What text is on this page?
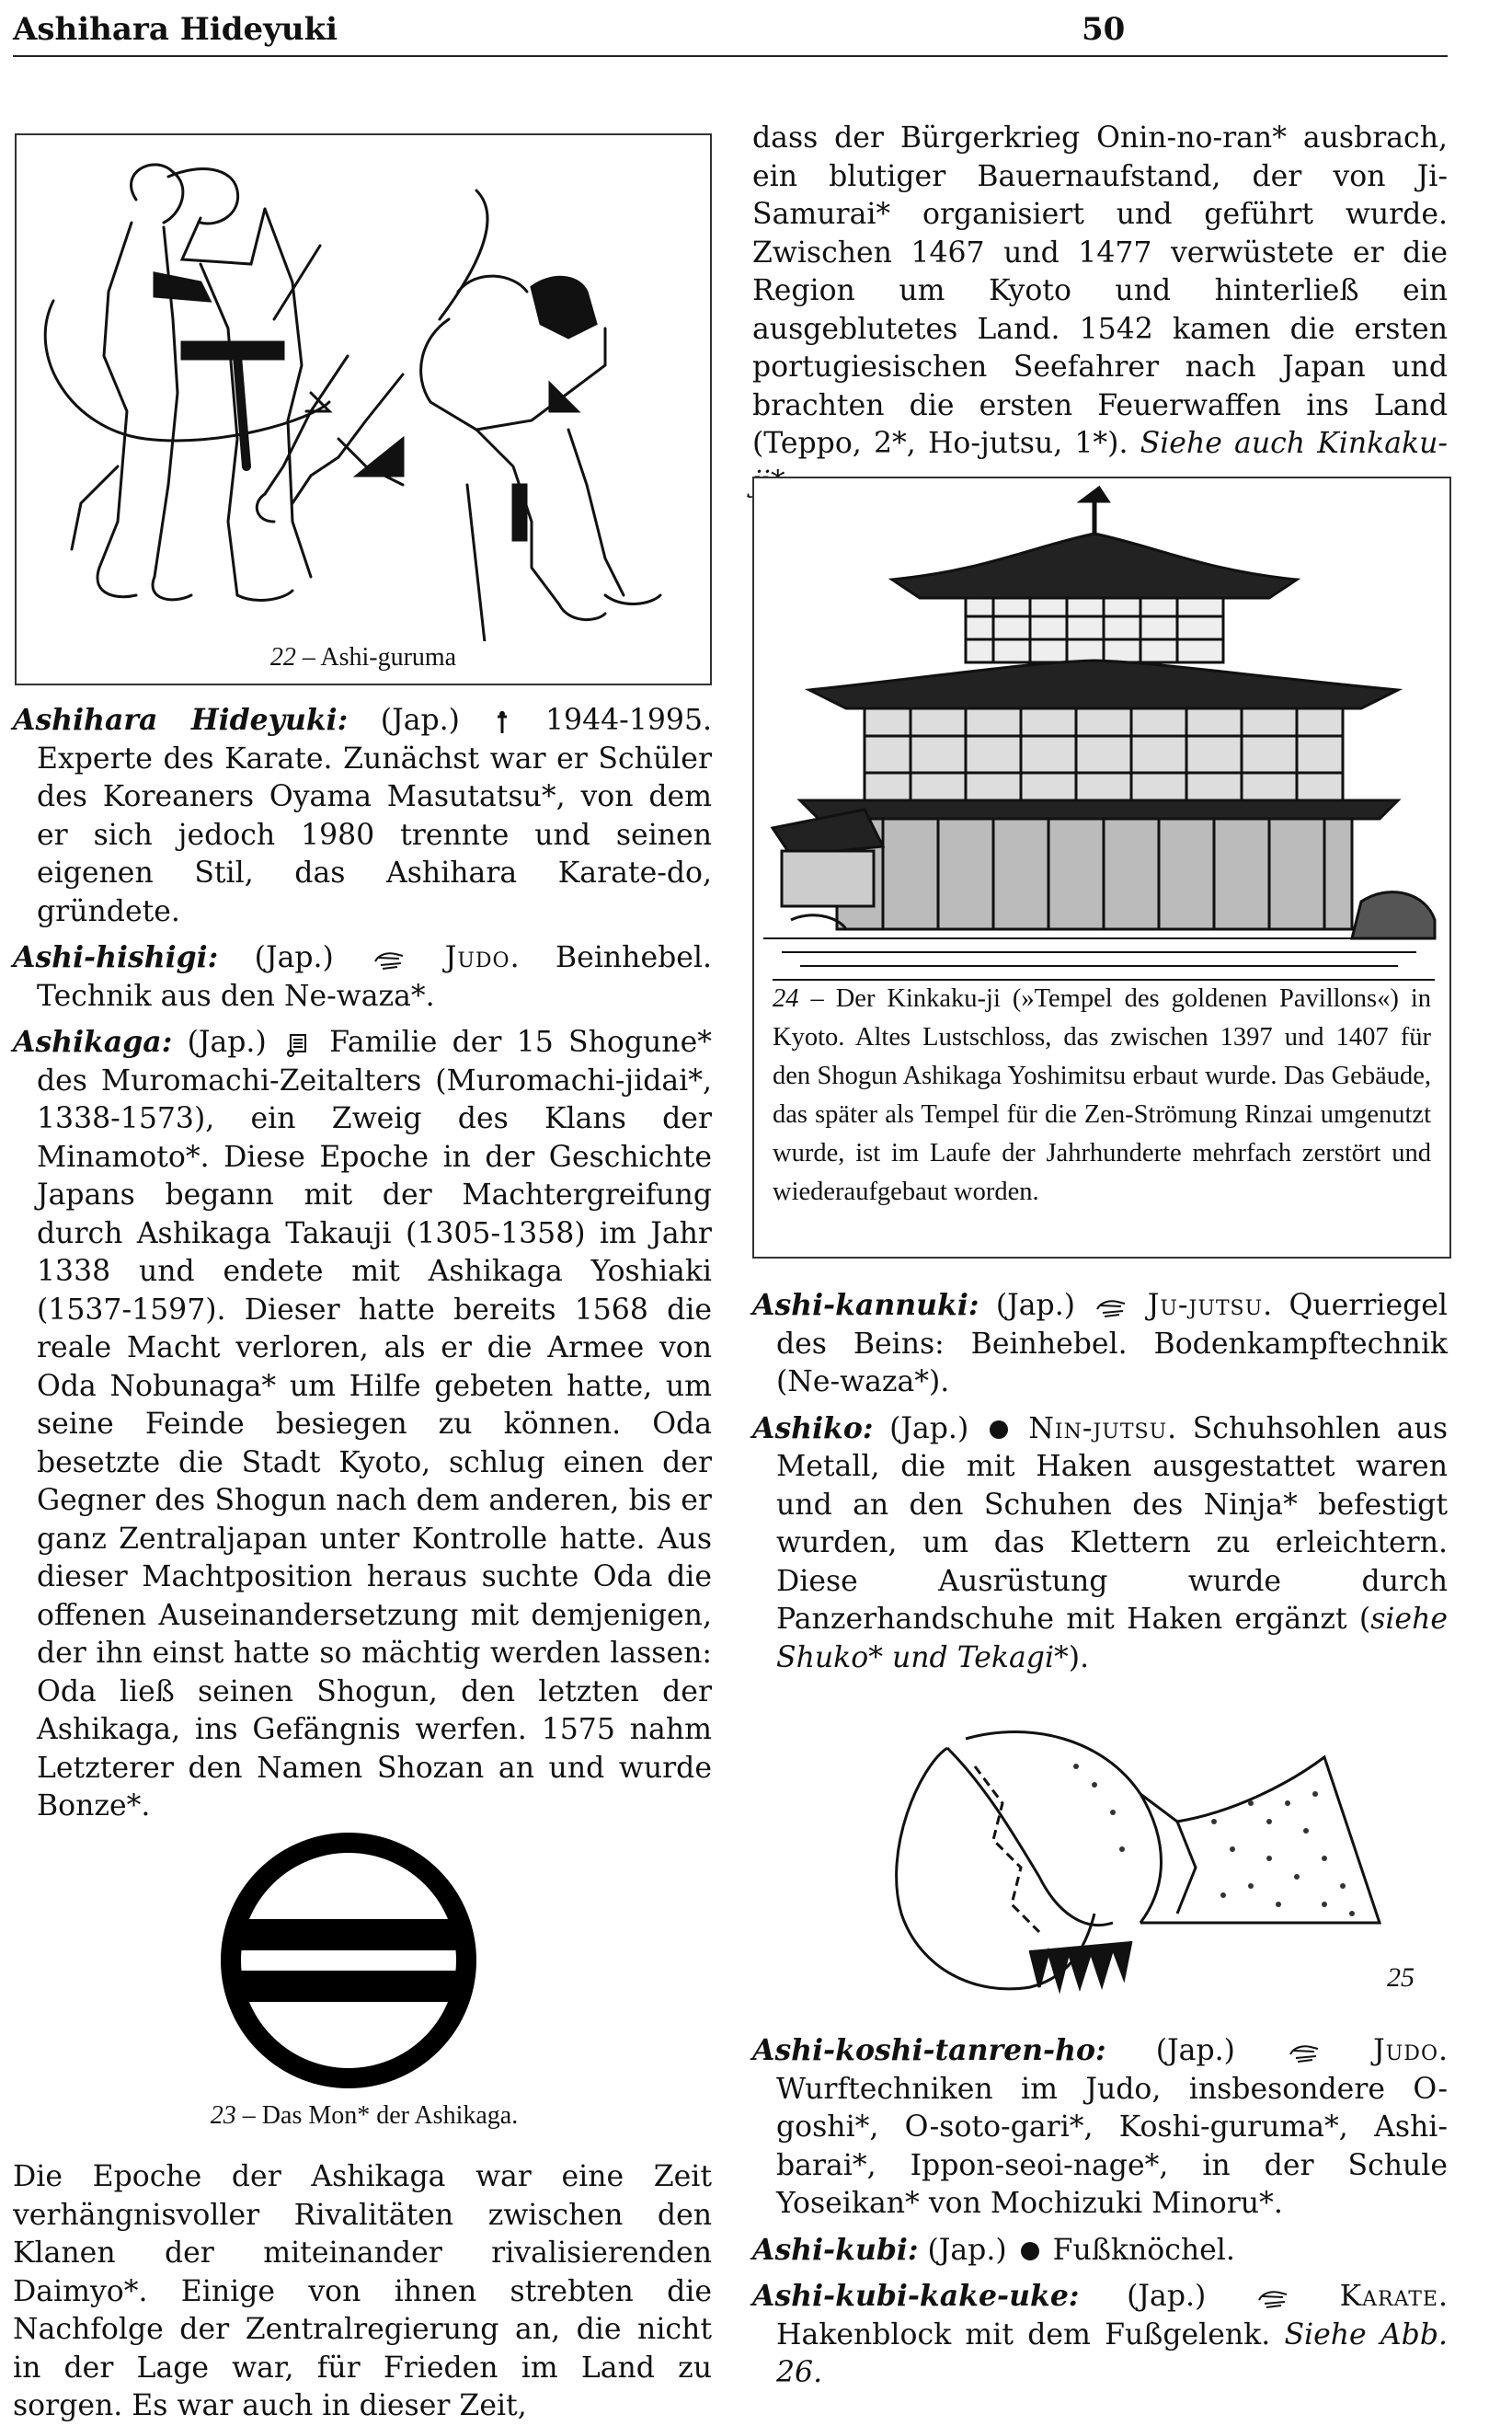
Ashihara Hideyuki	50
22 – Ashi-guruma

dass der Bürgerkrieg Onin-no-ran* ausbrach, ein blutiger Bauernaufstand, der von Ji-Samurai* organisiert und geführt wurde. Zwischen 1467 und 1477 verwüstete er die Region um Kyoto und hinterließ ein ausgeblutetes Land. 1542 kamen die ersten portugiesischen Seefahrer nach Japan und brachten die ersten Feuerwaffen ins Land (Teppo, 2*, Ho-jutsu, 1*). Siehe auch Kinkaku-

24 – Der Kinkaku-ji (»Tempel des goldenen Pavillons«) in Kyoto. Altes Lustschloss, das zwischen 1397 und 1407 für den Shogun Ashikaga Yoshimitsu erbaut wurde. Das Gebäude, das später als Tempel für die Zen-Strömung Rinzai umgenutzt wurde, ist im Laufe der Jahrhunderte mehrfach zerstört und wiederaufgebaut worden.

Ashihara Hideyuki: (Jap.)  1944-1995. Experte des Karate. Zunächst war er Schüler des Koreaners Oyama Masutatsu*, von dem er sich jedoch 1980 trennte und seinen eigenen Stil, das Ashihara Karate-do, gründete.

Ashi-hishigi: (Jap.)	Judo. Beinhebel. Technik aus den Ne-waza*.

Ashikaga: (Jap.)  Familie der 15 Shogune* des Muromachi-Zeitalters (Muromachi-jidai*, 1338-1573), ein Zweig des Klans der Minamoto*. Diese Epoche in der Geschichte Japans begann mit der Machtergreifung durch Ashikaga Takauji (1305-1358) im Jahr 1338 und endete mit Ashikaga Yoshiaki (1537-1597). Dieser hatte bereits 1568 die reale Macht verloren, als er die Armee von Oda Nobunaga* um Hilfe gebeten hatte, um seine Feinde besiegen zu können. Oda besetzte die Stadt Kyoto, schlug einen der Gegner des Shogun nach dem anderen, bis er ganz Zentraljapan unter Kontrolle hatte. Aus dieser Machtposition heraus suchte Oda die offenen Auseinandersetzung mit demjenigen, der ihn einst hatte so mächtig werden lassen: Oda ließ seinen Shogun, den letzten der Ashikaga, ins Gefängnis werfen. 1575 nahm Letzterer den Namen Shozan an und wurde Bonze*.

23 – Das Mon* der Ashikaga.

Die Epoche der Ashikaga war eine Zeit verhängnisvoller Rivalitäten zwischen den Klanen der miteinander rivalisierenden Daimyo*. Einige von ihnen strebten die Nachfolge der Zentralregierung an, die nicht in der Lage war, für Frieden im Land zu sorgen. Es war auch in dieser Zeit,

Ashi-kannuki: (Jap.)  Ju-jutsu. Querriegel des Beins: Beinhebel. Bodenkampftechnik (Ne-waza*).

Ashiko: (Jap.)  Nin-jutsu. Schuhsohlen aus Metall, die mit Haken ausgestattet waren und an den Schuhen des Ninja* befestigt wurden, um das Klettern zu erleichtern. Diese Ausrüstung wurde durch Panzerhandschuhe mit Haken ergänzt (siehe Shuko* und Tekagi*).

25

Ashi-koshi-tanren-ho: (Jap.)	Judo. Wurftechniken im Judo, insbesondere O-goshi*, O-soto-gari*, Koshi-guruma*, Ashi-barai*, Ippon-seoi-nage*, in der Schule Yoseikan* von Mochizuki Minoru*.

Ashi-kubi: (Jap.)  Fußknöchel.

Ashi-kubi-kake-uke: (Jap.)	Karate. Hakenblock mit dem Fußgelenk. Siehe Abb. 26.
